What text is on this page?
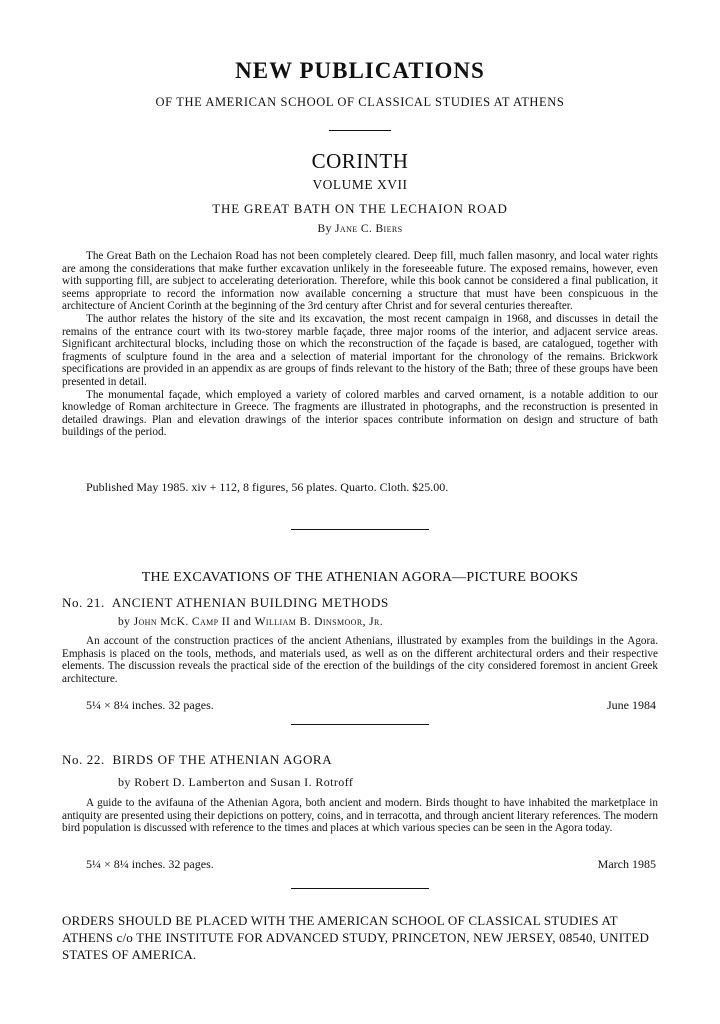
NEW PUBLICATIONS
OF THE AMERICAN SCHOOL OF CLASSICAL STUDIES AT ATHENS
CORINTH
VOLUME XVII
THE GREAT BATH ON THE LECHAION ROAD
By Jane C. Biers

The Great Bath on the Lechaion Road has not been completely cleared. Deep fill, much fallen masonry, and local water rights are among the considerations that make further excavation unlikely in the foreseeable future. The exposed remains, however, even with supporting fill, are subject to accelerating deterioration. Therefore, while this book cannot be considered a final publication, it seems appropriate to record the information now available concerning a structure that must have been conspicuous in the architecture of Ancient Corinth at the beginning of the 3rd century after Christ and for several centuries thereafter.

The author relates the history of the site and its excavation, the most recent campaign in 1968, and discusses in detail the remains of the entrance court with its two-storey marble façade, three major rooms of the interior, and adjacent service areas. Significant architectural blocks, including those on which the reconstruction of the façade is based, are catalogued, together with fragments of sculpture found in the area and a selection of material important for the chronology of the remains. Brickwork specifications are provided in an appendix as are groups of finds relevant to the history of the Bath; three of these groups have been presented in detail.

The monumental façade, which employed a variety of colored marbles and carved ornament, is a notable addition to our knowledge of Roman architecture in Greece. The fragments are illustrated in photographs, and the reconstruction is presented in detailed drawings. Plan and elevation drawings of the interior spaces contribute information on design and structure of bath buildings of the period.

Published May 1985. xiv + 112, 8 figures, 56 plates. Quarto. Cloth. $25.00.
THE EXCAVATIONS OF THE ATHENIAN AGORA—PICTURE BOOKS
No. 21. ANCIENT ATHENIAN BUILDING METHODS
by John McK. Camp II and William B. Dinsmoor, Jr.

An account of the construction practices of the ancient Athenians, illustrated by examples from the buildings in the Agora. Emphasis is placed on the tools, methods, and materials used, as well as on the different architectural orders and their respective elements. The discussion reveals the practical side of the erection of the buildings of the city considered foremost in ancient Greek architecture.

5¼ × 8¼ inches. 32 pages.	June 1984
No. 22. BIRDS OF THE ATHENIAN AGORA
by Robert D. Lamberton and Susan I. Rotroff

A guide to the avifauna of the Athenian Agora, both ancient and modern. Birds thought to have inhabited the marketplace in antiquity are presented using their depictions on pottery, coins, and in terracotta, and through ancient literary references. The modern bird population is discussed with reference to the times and places at which various species can be seen in the Agora today.

5¼ × 8¼ inches. 32 pages.	March 1985
ORDERS SHOULD BE PLACED WITH THE AMERICAN SCHOOL OF CLASSICAL STUDIES AT ATHENS c/o THE INSTITUTE FOR ADVANCED STUDY, PRINCETON, NEW JERSEY, 08540, UNITED STATES OF AMERICA.
